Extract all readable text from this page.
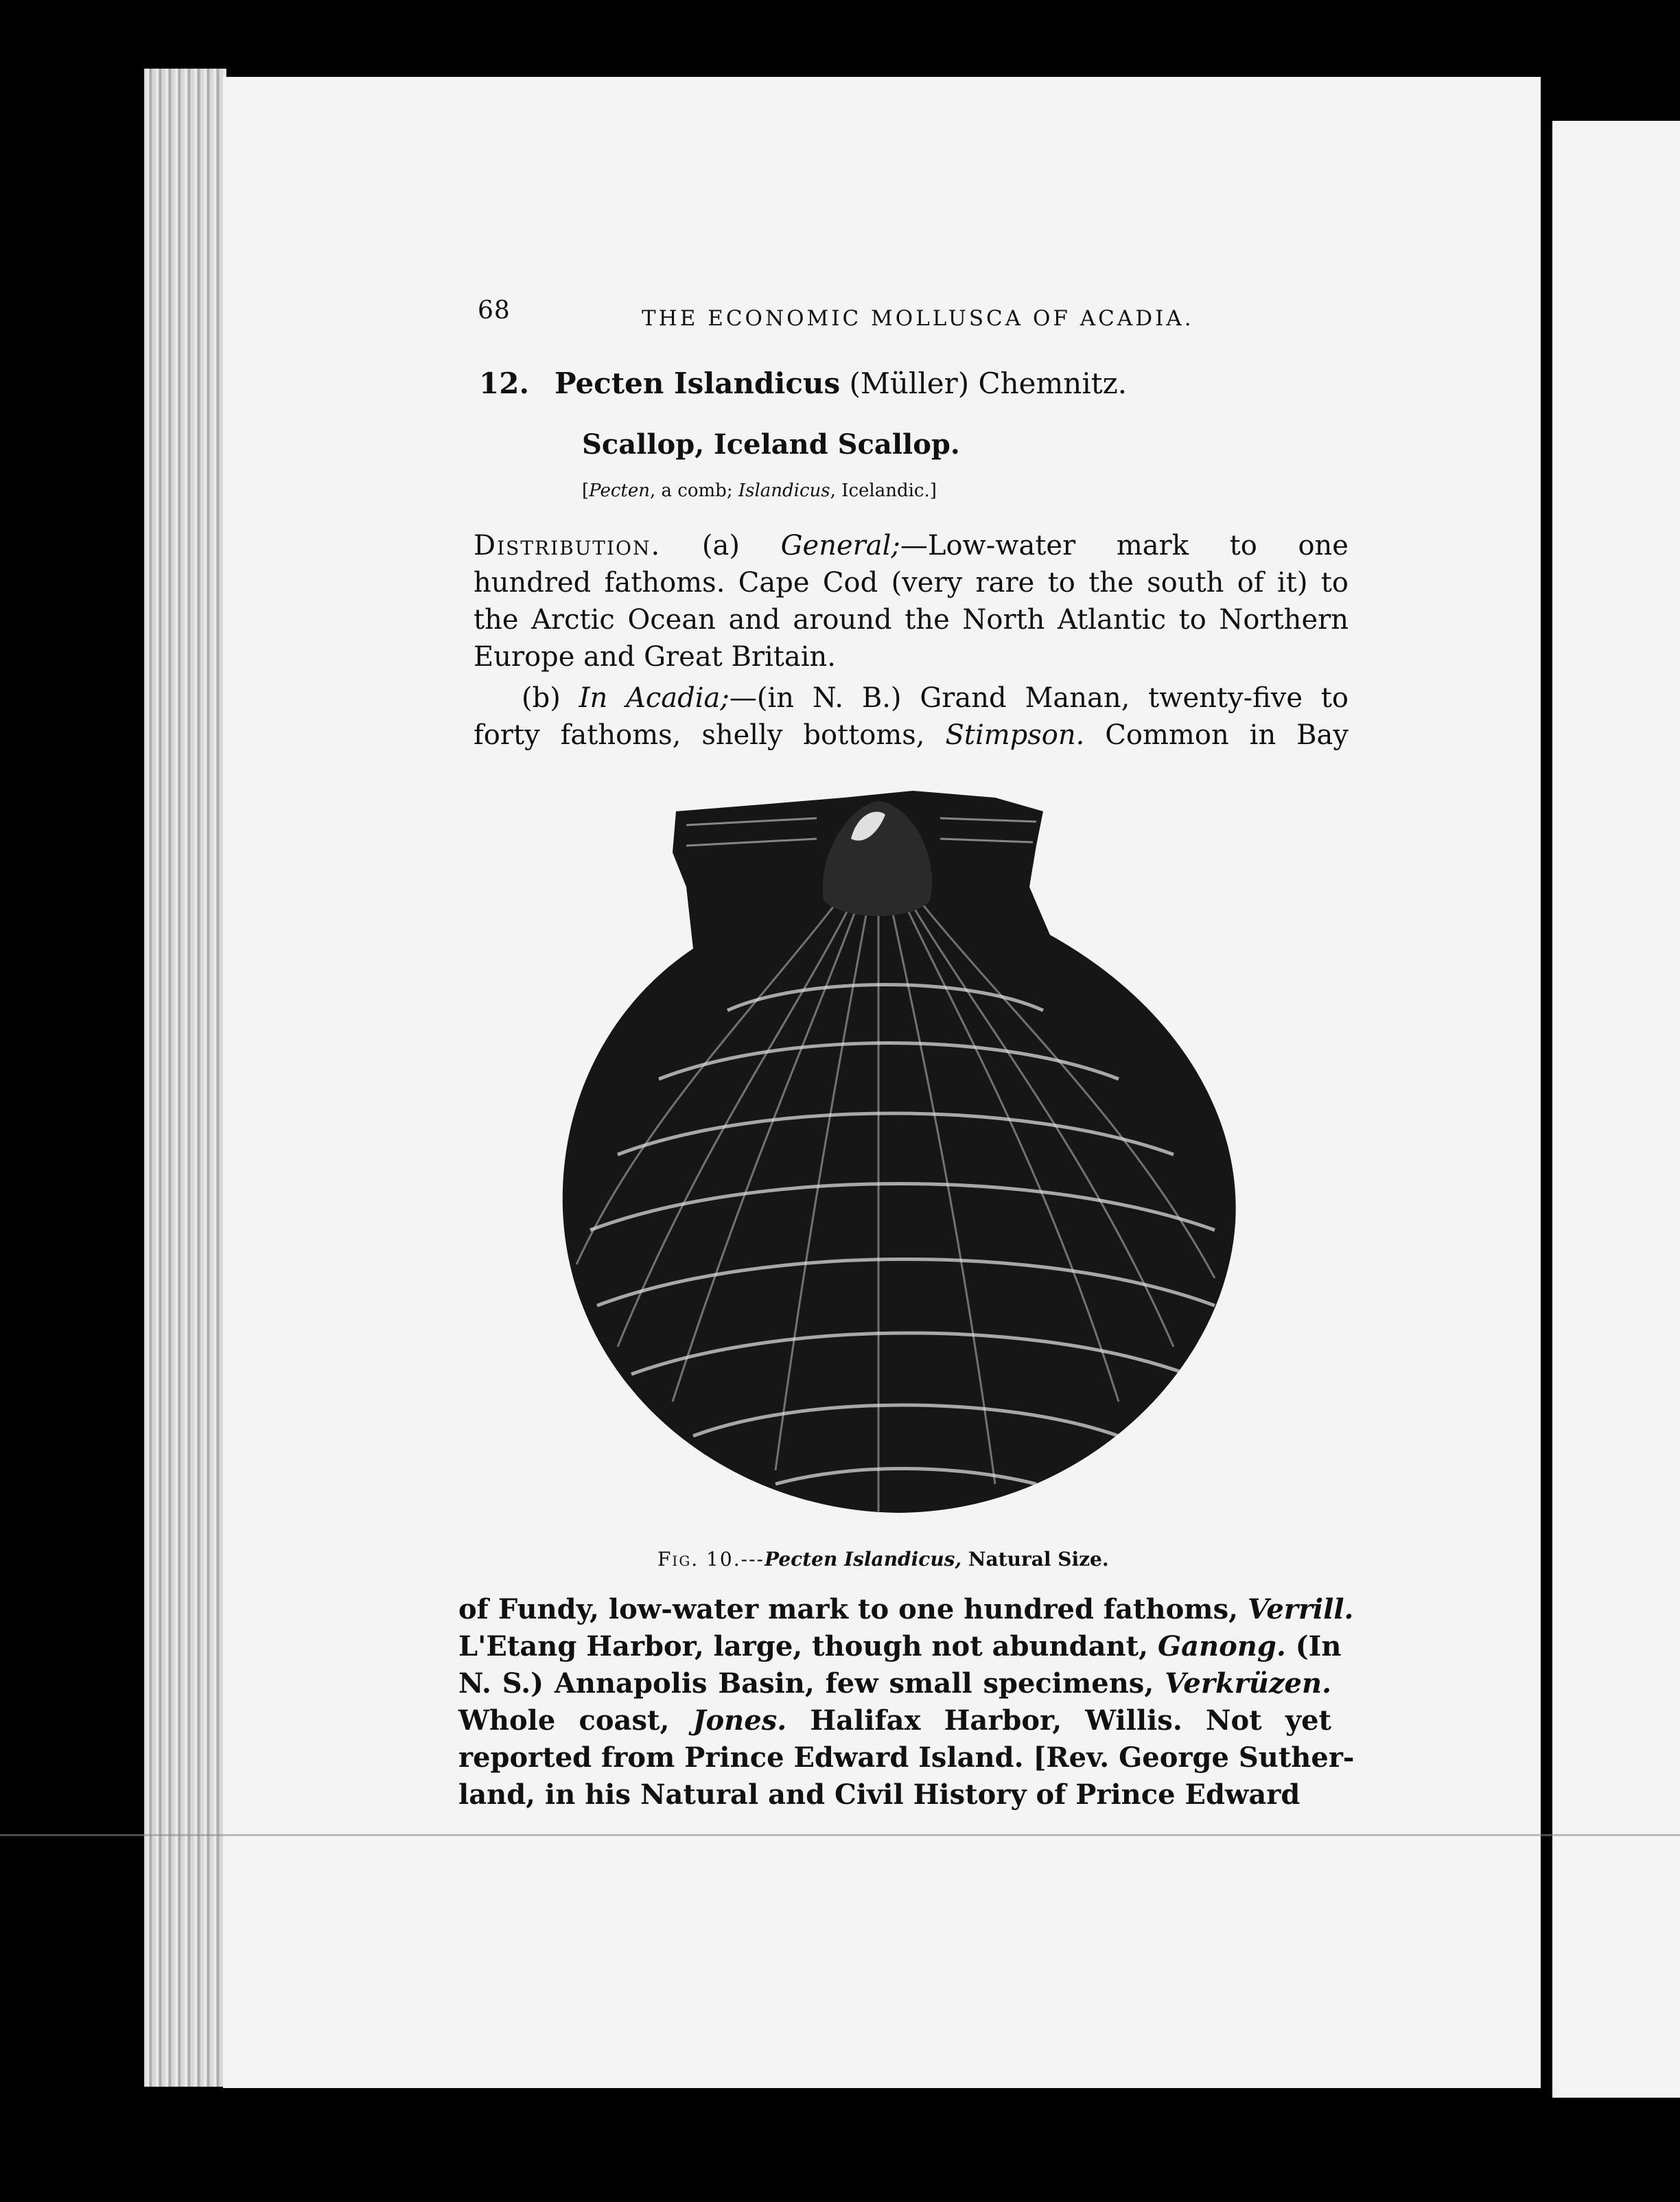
68	THE ECONOMIC MOLLUSCA OF ACADIA.
12. Pecten Islandicus (Müller) Chemnitz.
Scallop, Iceland Scallop.
[Pecten, a comb; Islandicus, Icelandic.]
Distribution. (a) General;—Low-water mark to one
hundred fathoms. Cape Cod (very rare to the south of it) to
the Arctic Ocean and around the North Atlantic to Northern
Europe and Great Britain.
(b) In Acadia;—(in N. B.) Grand Manan, twenty-five to
forty fathoms, shelly bottoms, Stimpson. Common in Bay
Fig. 10.---Pecten Islandicus, Natural Size.
of Fundy, low-water mark to one hundred fathoms, Verrill.
L'Etang Harbor, large, though not abundant, Ganong. (In
N. S.) Annapolis Basin, few small specimens, Verkrüzen.
Whole coast, Jones. Halifax Harbor, Willis. Not yet
reported from Prince Edward Island. [Rev. George Suther-
land, in his Natural and Civil History of Prince Edward
